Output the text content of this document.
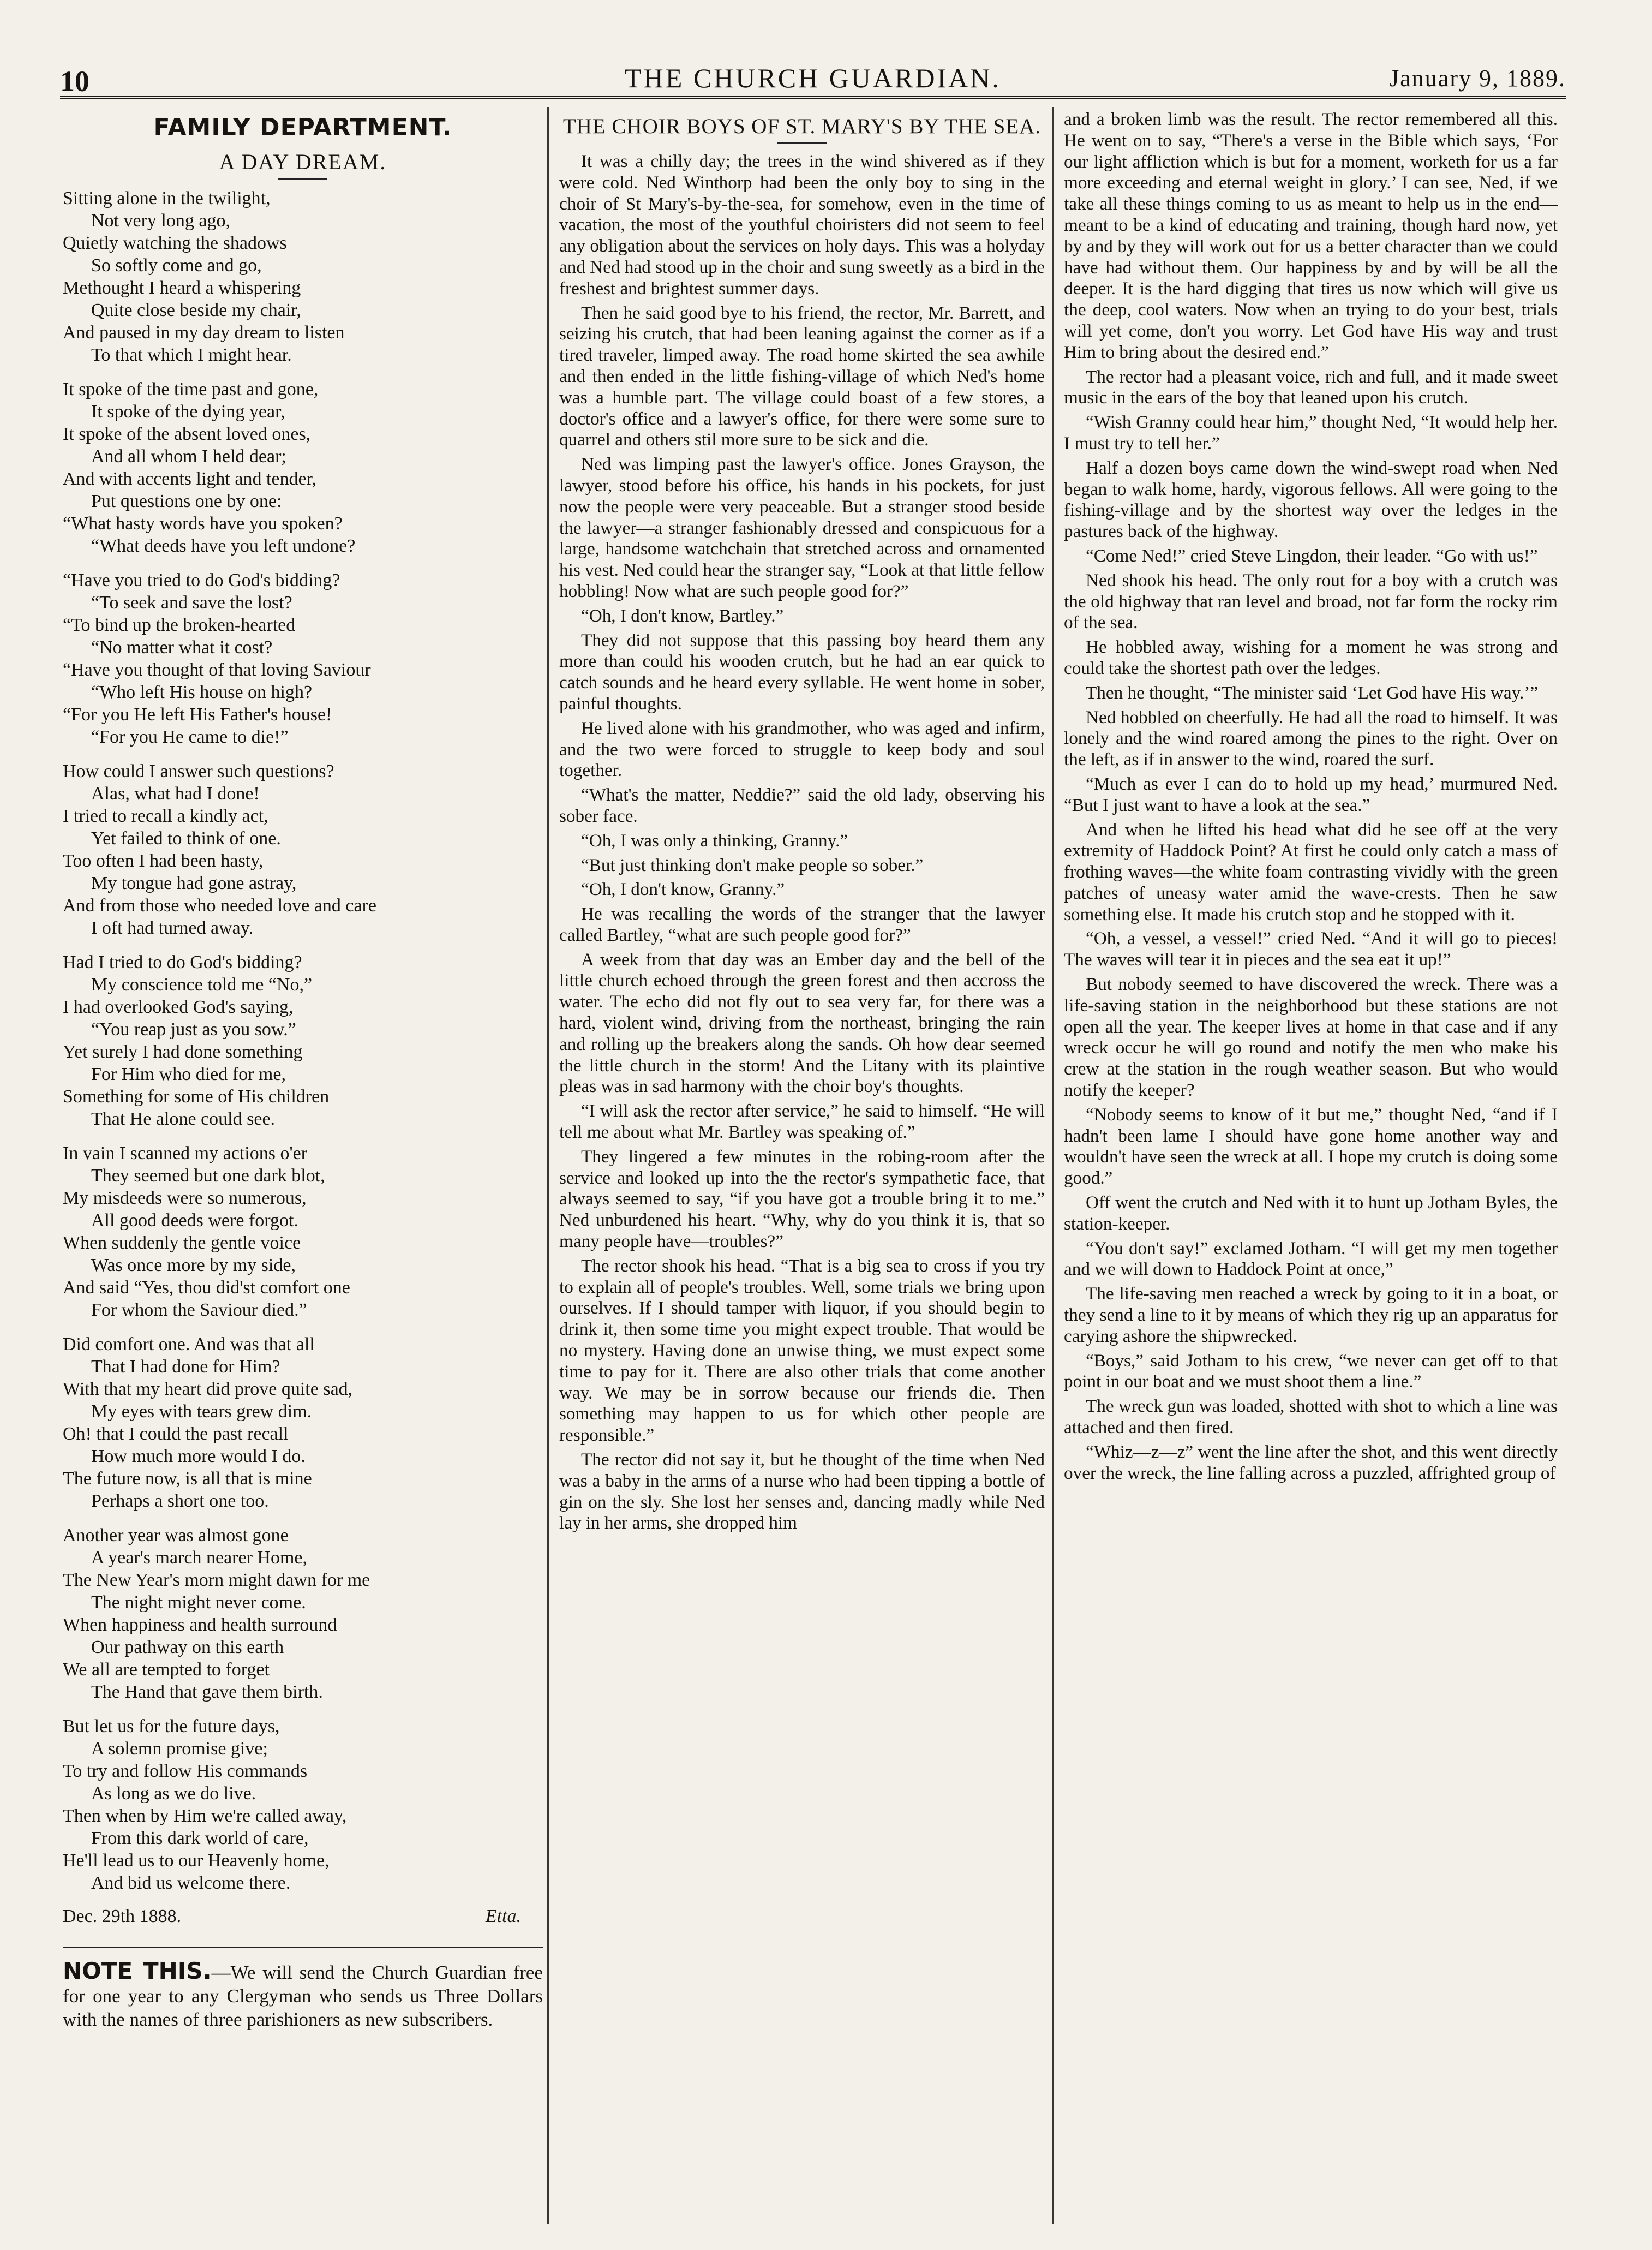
10	THE CHURCH GUARDIAN.	January 9, 1889.
FAMILY DEPARTMENT.
A DAY DREAM.
Sitting alone in the twilight,
Not very long ago,
Quietly watching the shadows
So softly come and go,
Methought I heard a whispering
Quite close beside my chair,
And paused in my day dream to listen
To that which I might hear.
It spoke of the time past and gone,
It spoke of the dying year,
It spoke of the absent loved ones,
And all whom I held dear;
And with accents light and tender,
Put questions one by one:
“What hasty words have you spoken?
“What deeds have you left undone?
“Have you tried to do God's bidding?
“To seek and save the lost?
“To bind up the broken-hearted
“No matter what it cost?
“Have you thought of that loving Saviour
“Who left His house on high?
“For you He left His Father's house!
“For you He came to die!”
How could I answer such questions?
Alas, what had I done!
I tried to recall a kindly act,
Yet failed to think of one.
Too often I had been hasty,
My tongue had gone astray,
And from those who needed love and care
I oft had turned away.
Had I tried to do God's bidding?
My conscience told me “No,”
I had overlooked God's saying,
“You reap just as you sow.”
Yet surely I had done something
For Him who died for me,
Something for some of His children
That He alone could see.
In vain I scanned my actions o'er
They seemed but one dark blot,
My misdeeds were so numerous,
All good deeds were forgot.
When suddenly the gentle voice
Was once more by my side,
And said “Yes, thou did'st comfort one
For whom the Saviour died.”
Did comfort one. And was that all
That I had done for Him?
With that my heart did prove quite sad,
My eyes with tears grew dim.
Oh! that I could the past recall
How much more would I do.
The future now, is all that is mine
Perhaps a short one too.
Another year was almost gone
A year's march nearer Home,
The New Year's morn might dawn for me
The night might never come.
When happiness and health surround
Our pathway on this earth
We all are tempted to forget
The Hand that gave them birth.
But let us for the future days,
A solemn promise give;
To try and follow His commands
As long as we do live.
Then when by Him we're called away,
From this dark world of care,
He'll lead us to our Heavenly home,
And bid us welcome there.
Dec. 29th 1888.	Etta.
NOTE THIS.—We will send the Church Guardian free for one year to any Clergyman who sends us Three Dollars with the names of three parishioners as new subscribers.
THE CHOIR BOYS OF ST. MARY'S BY THE SEA.

It was a chilly day; the trees in the wind shivered as if they were cold. Ned Winthorp had been the only boy to sing in the choir of St Mary's-by-the-sea, for somehow, even in the time of vacation, the most of the youthful choiristers did not seem to feel any obligation about the services on holy days. This was a holyday and Ned had stood up in the choir and sung sweetly as a bird in the freshest and brightest summer days.

Then he said good bye to his friend, the rector, Mr. Barrett, and seizing his crutch, that had been leaning against the corner as if a tired traveler, limped away. The road home skirted the sea awhile and then ended in the little fishing-village of which Ned's home was a humble part. The village could boast of a few stores, a doctor's office and a lawyer's office, for there were some sure to quarrel and others stil more sure to be sick and die.

Ned was limping past the lawyer's office. Jones Grayson, the lawyer, stood before his office, his hands in his pockets, for just now the people were very peaceable. But a stranger stood beside the lawyer—a stranger fashionably dressed and conspicuous for a large, handsome watchchain that stretched across and ornamented his vest. Ned could hear the stranger say, “Look at that little fellow hobbling! Now what are such people good for?”

“Oh, I don't know, Bartley.”

They did not suppose that this passing boy heard them any more than could his wooden crutch, but he had an ear quick to catch sounds and he heard every syllable. He went home in sober, painful thoughts.

He lived alone with his grandmother, who was aged and infirm, and the two were forced to struggle to keep body and soul together.

“What's the matter, Neddie?” said the old lady, observing his sober face.

“Oh, I was only a thinking, Granny.”

“But just thinking don't make people so sober.”

“Oh, I don't know, Granny.”

He was recalling the words of the stranger that the lawyer called Bartley, “what are such people good for?”

A week from that day was an Ember day and the bell of the little church echoed through the green forest and then accross the water. The echo did not fly out to sea very far, for there was a hard, violent wind, driving from the northeast, bringing the rain and rolling up the breakers along the sands. Oh how dear seemed the little church in the storm! And the Litany with its plaintive pleas was in sad harmony with the choir boy's thoughts.

“I will ask the rector after service,” he said to himself. “He will tell me about what Mr. Bartley was speaking of.”

They lingered a few minutes in the robing-room after the service and looked up into the the rector's sympathetic face, that always seemed to say, “if you have got a trouble bring it to me.” Ned unburdened his heart. “Why, why do you think it is, that so many people have—troubles?”

The rector shook his head. “That is a big sea to cross if you try to explain all of people's troubles. Well, some trials we bring upon ourselves. If I should tamper with liquor, if you should begin to drink it, then some time you might expect trouble. That would be no mystery. Having done an unwise thing, we must expect some time to pay for it. There are also other trials that come another way. We may be in sorrow because our friends die. Then something may happen to us for which other people are responsible.”

The rector did not say it, but he thought of the time when Ned was a baby in the arms of a nurse who had been tipping a bottle of gin on the sly. She lost her senses and, dancing madly while Ned lay in her arms, she dropped him

and a broken limb was the result. The rector remembered all this. He went on to say, “There's a verse in the Bible which says, ‘For our light affliction which is but for a moment, worketh for us a far more exceeding and eternal weight in glory.’ I can see, Ned, if we take all these things coming to us as meant to help us in the end—meant to be a kind of educating and training, though hard now, yet by and by they will work out for us a better character than we could have had without them. Our happiness by and by will be all the deeper. It is the hard digging that tires us now which will give us the deep, cool waters. Now when an trying to do your best, trials will yet come, don't you worry. Let God have His way and trust Him to bring about the desired end.”

The rector had a pleasant voice, rich and full, and it made sweet music in the ears of the boy that leaned upon his crutch.

“Wish Granny could hear him,” thought Ned, “It would help her. I must try to tell her.”

Half a dozen boys came down the wind-swept road when Ned began to walk home, hardy, vigorous fellows. All were going to the fishing-village and by the shortest way over the ledges in the pastures back of the highway.

“Come Ned!” cried Steve Lingdon, their leader. “Go with us!”

Ned shook his head. The only rout for a boy with a crutch was the old highway that ran level and broad, not far form the rocky rim of the sea.

He hobbled away, wishing for a moment he was strong and could take the shortest path over the ledges.

Then he thought, “The minister said ‘Let God have His way.’”

Ned hobbled on cheerfully. He had all the road to himself. It was lonely and the wind roared among the pines to the right. Over on the left, as if in answer to the wind, roared the surf.

“Much as ever I can do to hold up my head,’ murmured Ned. “But I just want to have a look at the sea.”

And when he lifted his head what did he see off at the very extremity of Haddock Point? At first he could only catch a mass of frothing waves—the white foam contrasting vividly with the green patches of uneasy water amid the wave-crests. Then he saw something else. It made his crutch stop and he stopped with it.

“Oh, a vessel, a vessel!” cried Ned. “And it will go to pieces! The waves will tear it in pieces and the sea eat it up!”

But nobody seemed to have discovered the wreck. There was a life-saving station in the neighborhood but these stations are not open all the year. The keeper lives at home in that case and if any wreck occur he will go round and notify the men who make his crew at the station in the rough weather season. But who would notify the keeper?

“Nobody seems to know of it but me,” thought Ned, “and if I hadn't been lame I should have gone home another way and wouldn't have seen the wreck at all. I hope my crutch is doing some good.”

Off went the crutch and Ned with it to hunt up Jotham Byles, the station-keeper.

“You don't say!” exclamed Jotham. “I will get my men together and we will down to Haddock Point at once,”

The life-saving men reached a wreck by going to it in a boat, or they send a line to it by means of which they rig up an apparatus for carying ashore the shipwrecked.

“Boys,” said Jotham to his crew, “we never can get off to that point in our boat and we must shoot them a line.”

The wreck gun was loaded, shotted with shot to which a line was attached and then fired.

“Whiz—z—z” went the line after the shot, and this went directly over the wreck, the line falling across a puzzled, affrighted group of
